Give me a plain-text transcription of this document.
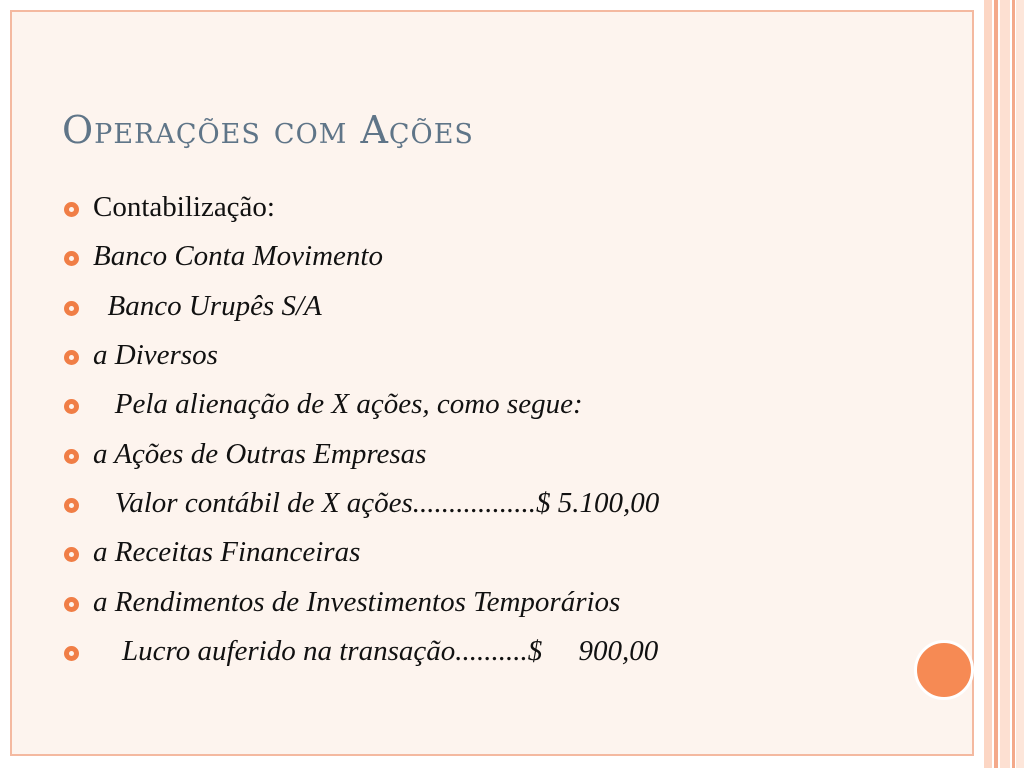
Operações com Ações
Contabilização:
Banco Conta Movimento
Banco Urupês S/A
a Diversos
Pela alienação de X ações, como segue:
a Ações de Outras Empresas
Valor contábil de X ações.................$ 5.100,00
a Receitas Financeiras
a Rendimentos de Investimentos Temporários
Lucro auferido na transação..........$     900,00
